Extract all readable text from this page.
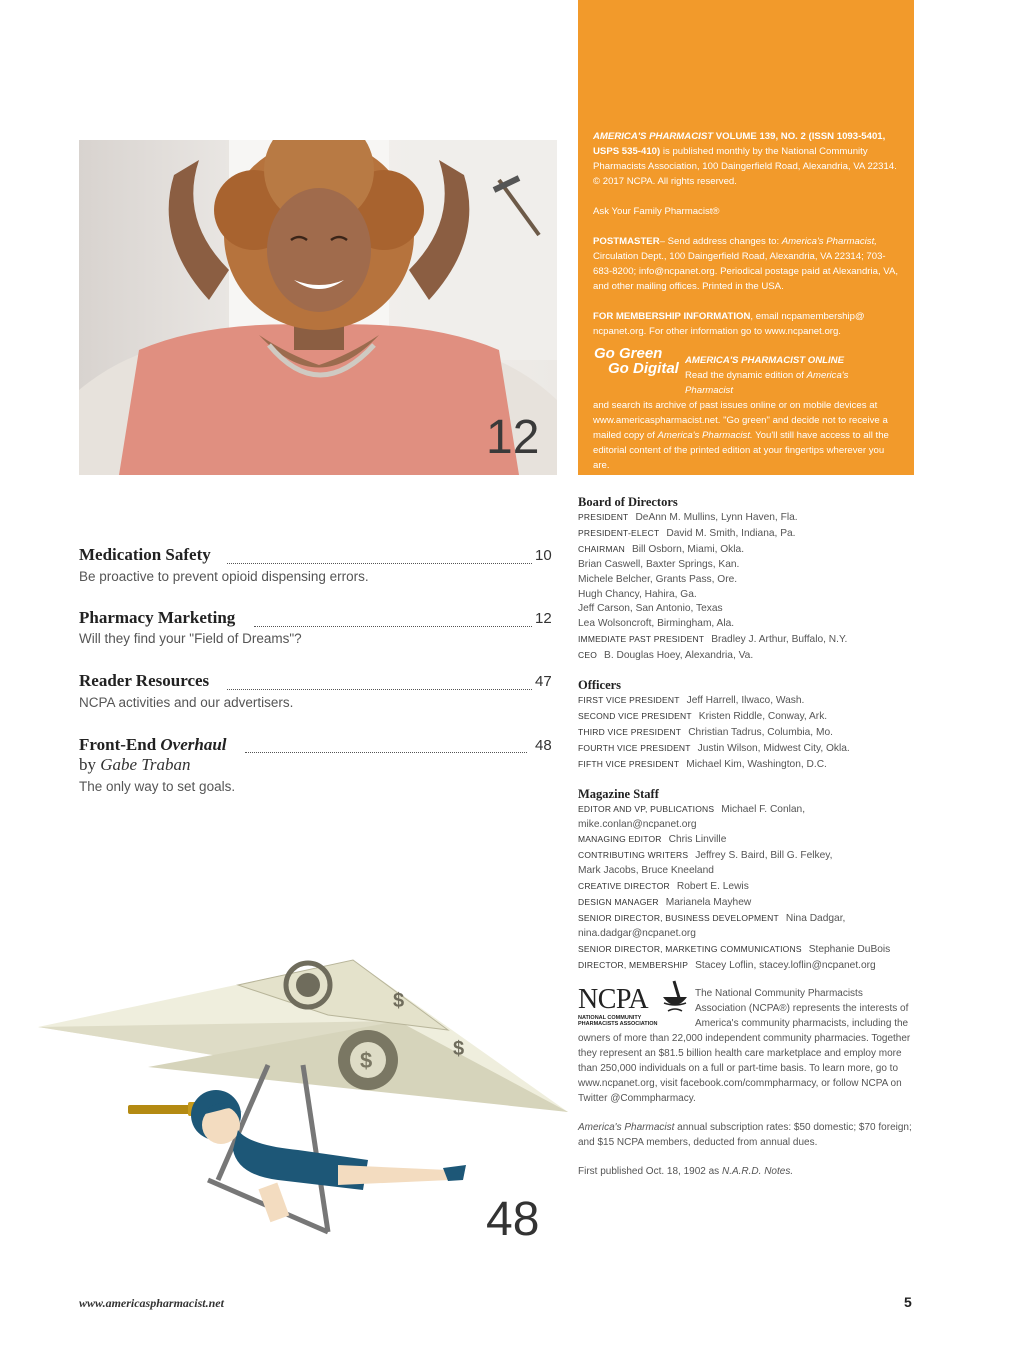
12

AMERICA'S PHARMACIST VOLUME 139, NO. 2 (ISSN 1093-5401, USPS 535-410) is published monthly by the National Community Pharmacists Association, 100 Daingerfield Road, Alexandria, VA 22314. © 2017 NCPA. All rights reserved.

Ask Your Family Pharmacist®

POSTMASTER– Send address changes to: America's Pharmacist, Circulation Dept., 100 Daingerfield Road, Alexandria, VA 22314; 703-683-8200; info@ncpanet.org. Periodical postage paid at Alexandria, VA, and other mailing offices. Printed in the USA.

FOR MEMBERSHIP INFORMATION, email ncpamembership@ ncpanet.org. For other information go to www.ncpanet.org.

Go Green
Go Digital AMERICA'S PHARMACIST ONLINE

Read the dynamic edition of America's Pharmacist

and search its archive of past issues online or on mobile devices at www.americaspharmacist.net. "Go green" and decide not to receive a mailed copy of America's Pharmacist. You'll still have access to all the editorial content of the printed edition at your fingertips wherever you are.

Medication Safety	10
Be proactive to prevent opioid dispensing errors.
Pharmacy Marketing	12
Will they find your "Field of Dreams"?
Reader Resources	47
NCPA activities and our advertisers.
Front-End Overhaul	48
by Gabe Traban
The only way to set goals.
Board of Directors
PRESIDENT DeAnn M. Mullins, Lynn Haven, Fla.
PRESIDENT-ELECT David M. Smith, Indiana, Pa.
CHAIRMAN Bill Osborn, Miami, Okla.
Brian Caswell, Baxter Springs, Kan.
Michele Belcher, Grants Pass, Ore.
Hugh Chancy, Hahira, Ga.
Jeff Carson, San Antonio, Texas
Lea Wolsoncroft, Birmingham, Ala.
IMMEDIATE PAST PRESIDENT Bradley J. Arthur, Buffalo, N.Y.
CEO B. Douglas Hoey, Alexandria, Va.
Officers
FIRST VICE PRESIDENT Jeff Harrell, Ilwaco, Wash.
SECOND VICE PRESIDENT Kristen Riddle, Conway, Ark.
THIRD VICE PRESIDENT Christian Tadrus, Columbia, Mo.
FOURTH VICE PRESIDENT Justin Wilson, Midwest City, Okla.
FIFTH VICE PRESIDENT Michael Kim, Washington, D.C.
Magazine Staff
EDITOR AND VP, PUBLICATIONS Michael F. Conlan,
mike.conlan@ncpanet.org
MANAGING EDITOR Chris Linville
CONTRIBUTING WRITERS Jeffrey S. Baird, Bill G. Felkey,
Mark Jacobs, Bruce Kneeland
CREATIVE DIRECTOR Robert E. Lewis
DESIGN MANAGER Marianela Mayhew
SENIOR DIRECTOR, BUSINESS DEVELOPMENT Nina Dadgar,
nina.dadgar@ncpanet.org
SENIOR DIRECTOR, MARKETING COMMUNICATIONS Stephanie DuBois
DIRECTOR, MEMBERSHIP Stacey Loflin, stacey.loflin@ncpanet.org
NCPA
NATIONAL COMMUNITY
PHARMACISTS ASSOCIATION

The National Community Pharmacists Association (NCPA®) represents the interests of America's community pharmacists, including the owners of more than 22,000 independent community pharmacies. Together they represent an $81.5 billion health care marketplace and employ more than 250,000 individuals on a full or part-time basis. To learn more, go to www.ncpanet.org, visit facebook.com/commpharmacy, or follow NCPA on Twitter @Commpharmacy.

America's Pharmacist annual subscription rates: $50 domestic; $70 foreign; and $15 NCPA members, deducted from annual dues.

First published Oct. 18, 1902 as N.A.R.D. Notes.

$
$	$
48
www.americaspharmacist.net	5
